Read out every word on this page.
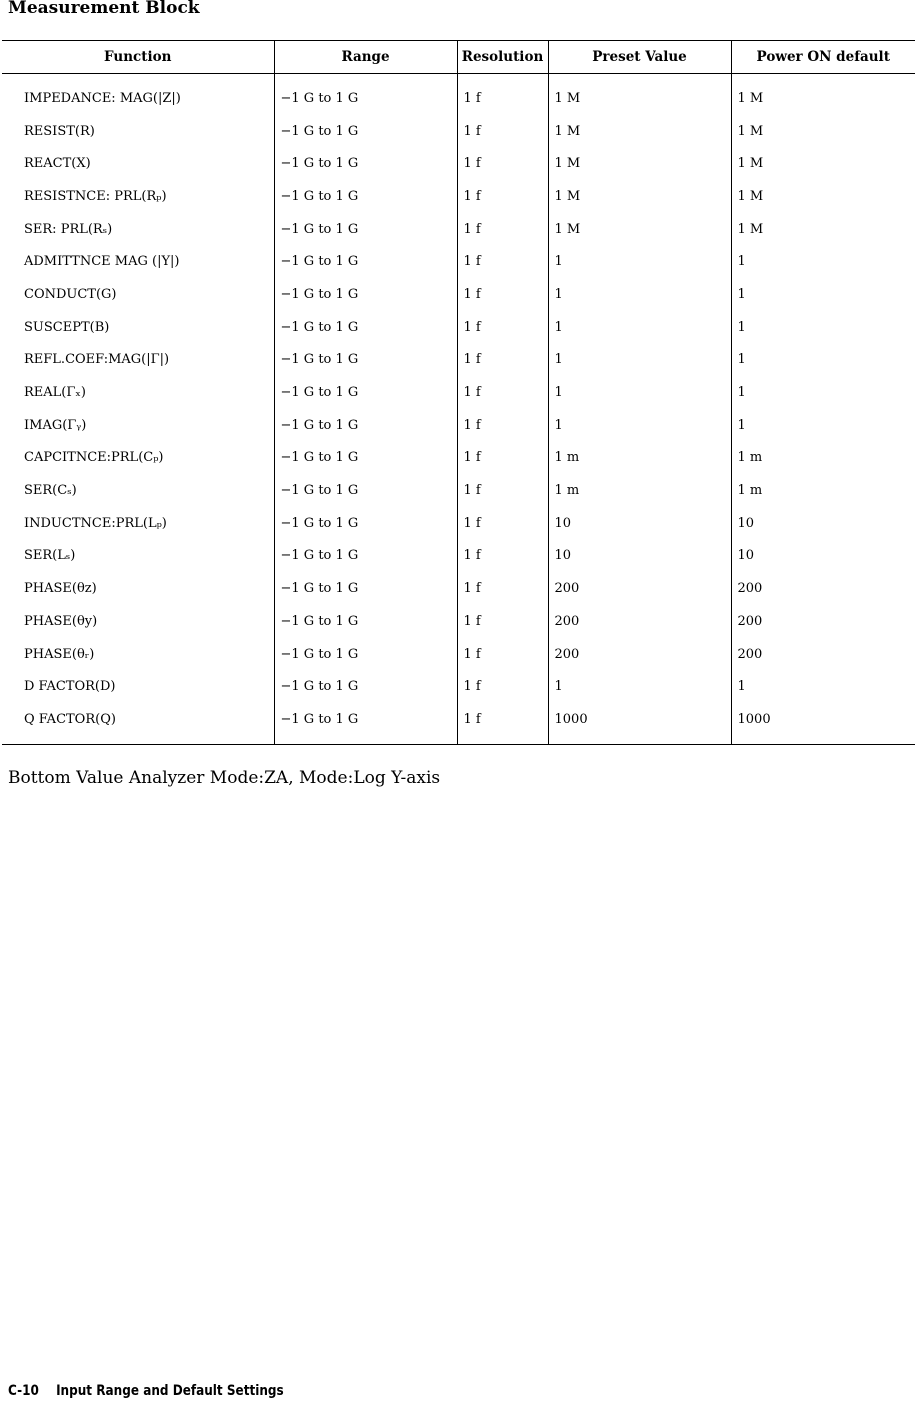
Measurement Block
Function	Range	Resolution	Preset Value	Power ON default
IMPEDANCE: MAG(|Z|)	−1 G to 1 G	1 f	1 M	1 M
RESIST(R)	−1 G to 1 G	1 f	1 M	1 M
REACT(X)	−1 G to 1 G	1 f	1 M	1 M
RESISTNCE: PRL(Rₚ)	−1 G to 1 G	1 f	1 M	1 M
SER: PRL(Rₛ)	−1 G to 1 G	1 f	1 M	1 M
ADMITTNCE MAG (|Y|)	−1 G to 1 G	1 f	1	1
CONDUCT(G)	−1 G to 1 G	1 f	1	1
SUSCEPT(B)	−1 G to 1 G	1 f	1	1
REFL.COEF:MAG(|Γ|)	−1 G to 1 G	1 f	1	1
REAL(Γₓ)	−1 G to 1 G	1 f	1	1
IMAG(Γᵧ)	−1 G to 1 G	1 f	1	1
CAPCITNCE:PRL(Cₚ)	−1 G to 1 G	1 f	1 m	1 m
SER(Cₛ)	−1 G to 1 G	1 f	1 m	1 m
INDUCTNCE:PRL(Lₚ)	−1 G to 1 G	1 f	10	10
SER(Lₛ)	−1 G to 1 G	1 f	10	10
PHASE(θz)	−1 G to 1 G	1 f	200	200
PHASE(θy)	−1 G to 1 G	1 f	200	200
PHASE(θᵣ)	−1 G to 1 G	1 f	200	200
D FACTOR(D)	−1 G to 1 G	1 f	1	1
Q FACTOR(Q)	−1 G to 1 G	1 f	1000	1000

Bottom Value Analyzer Mode:ZA, Mode:Log Y-axis

C-10 Input Range and Default Settings
